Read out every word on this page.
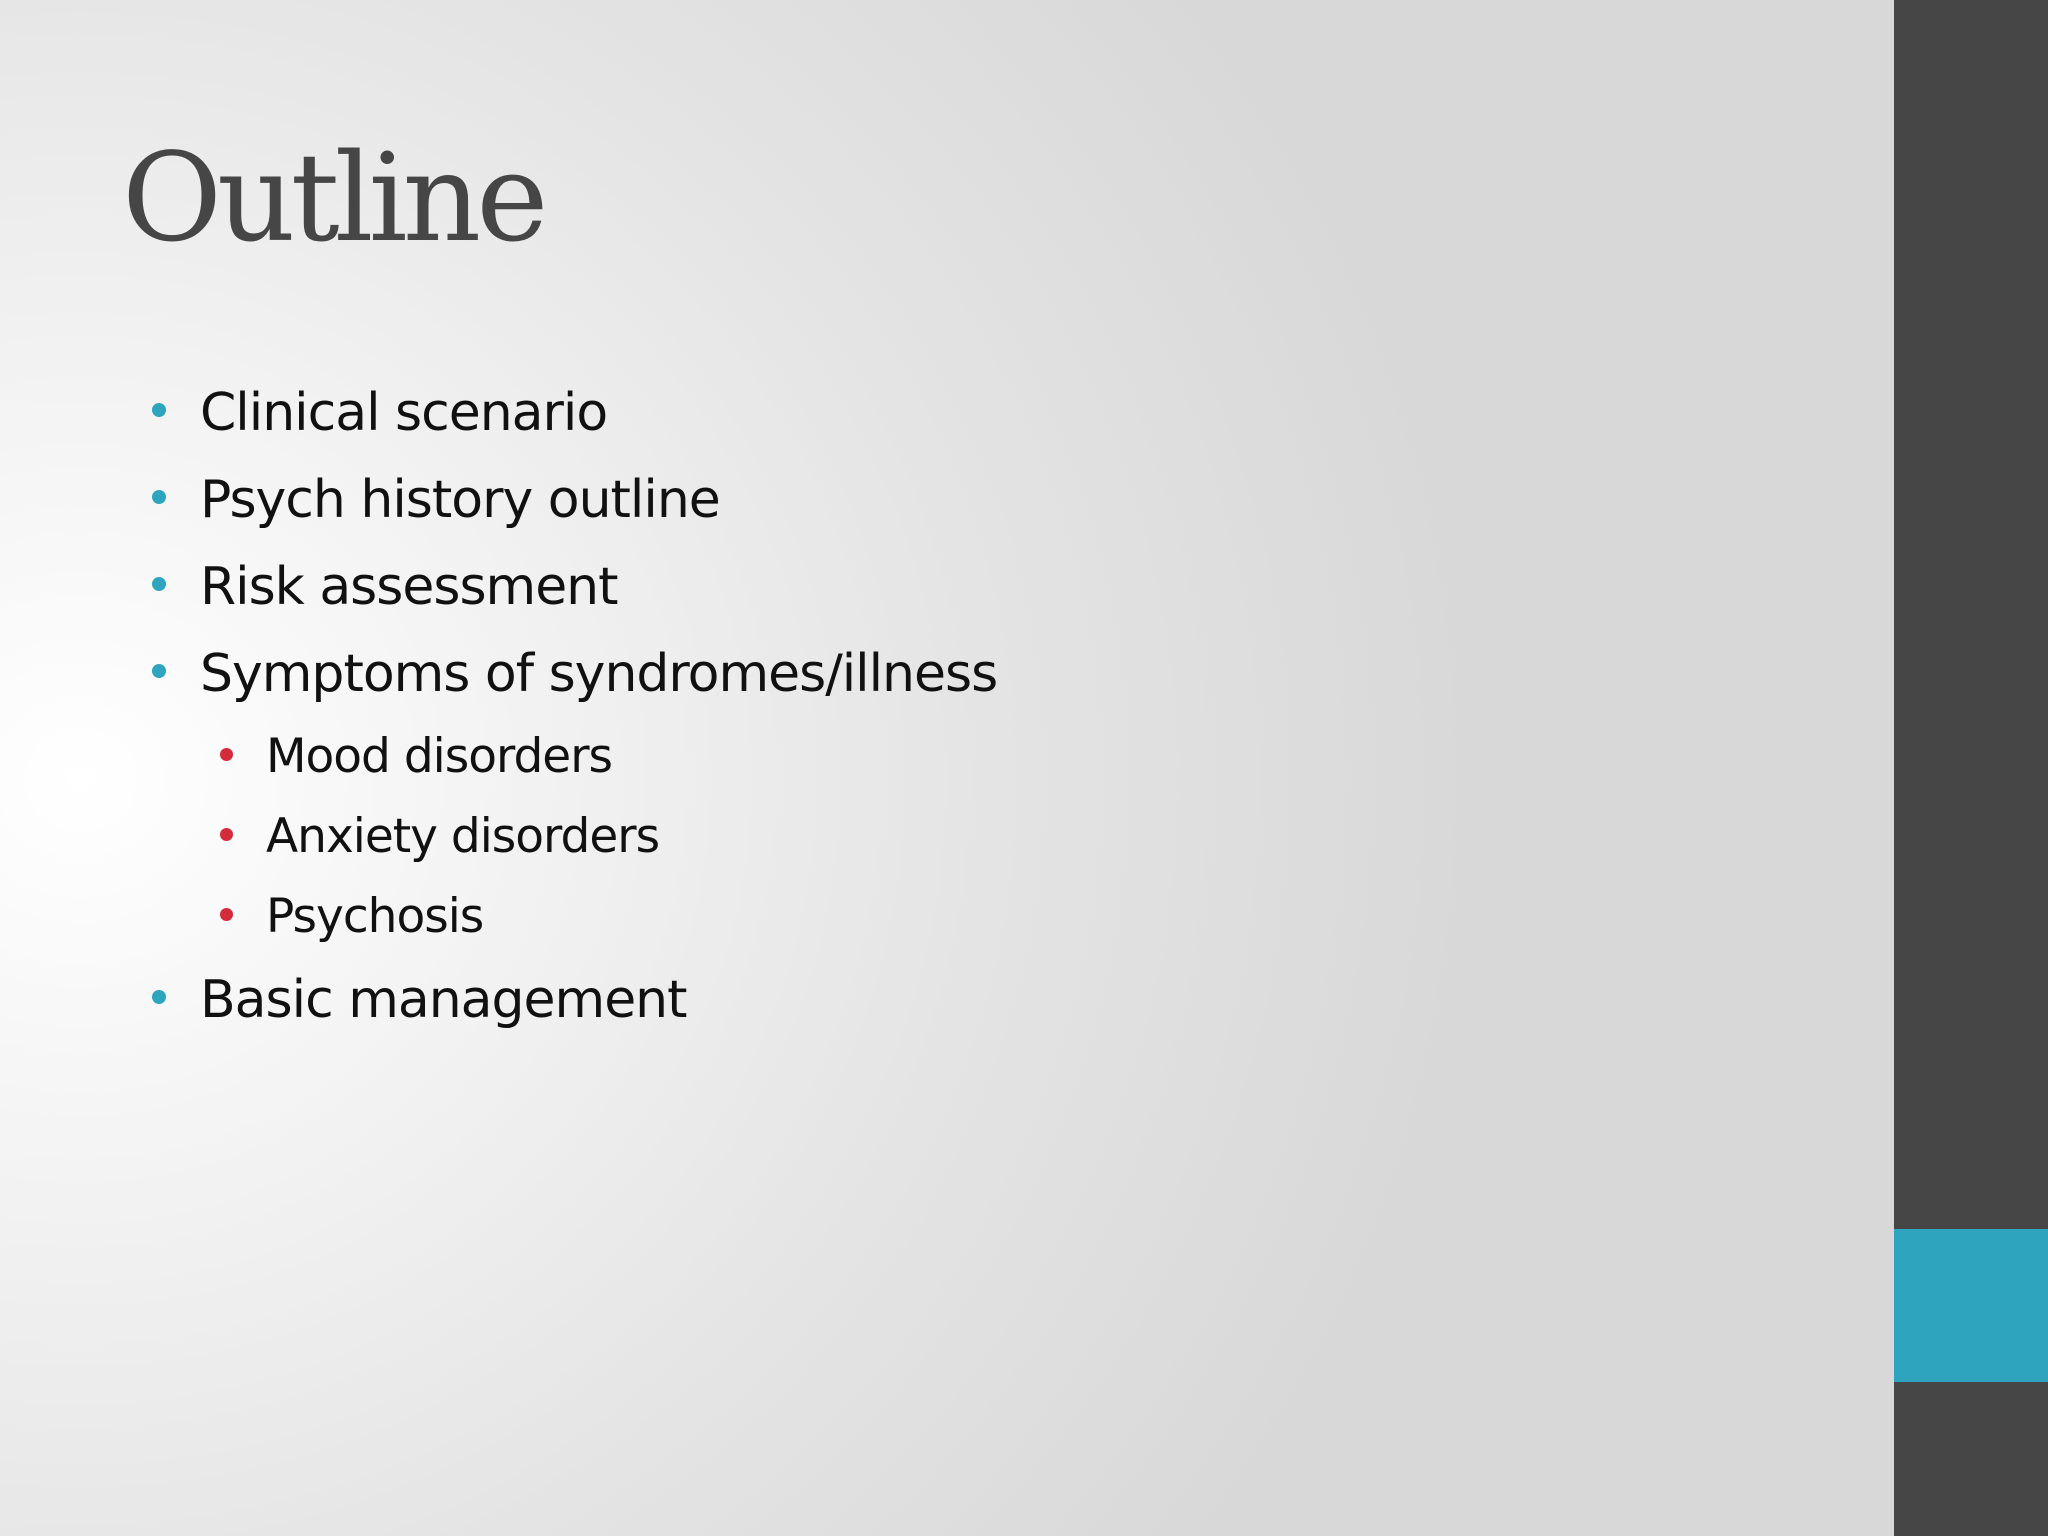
Outline
Clinical scenario
Psych history outline
Risk assessment
Symptoms of syndromes/illness
Mood disorders
Anxiety disorders
Psychosis
Basic management
